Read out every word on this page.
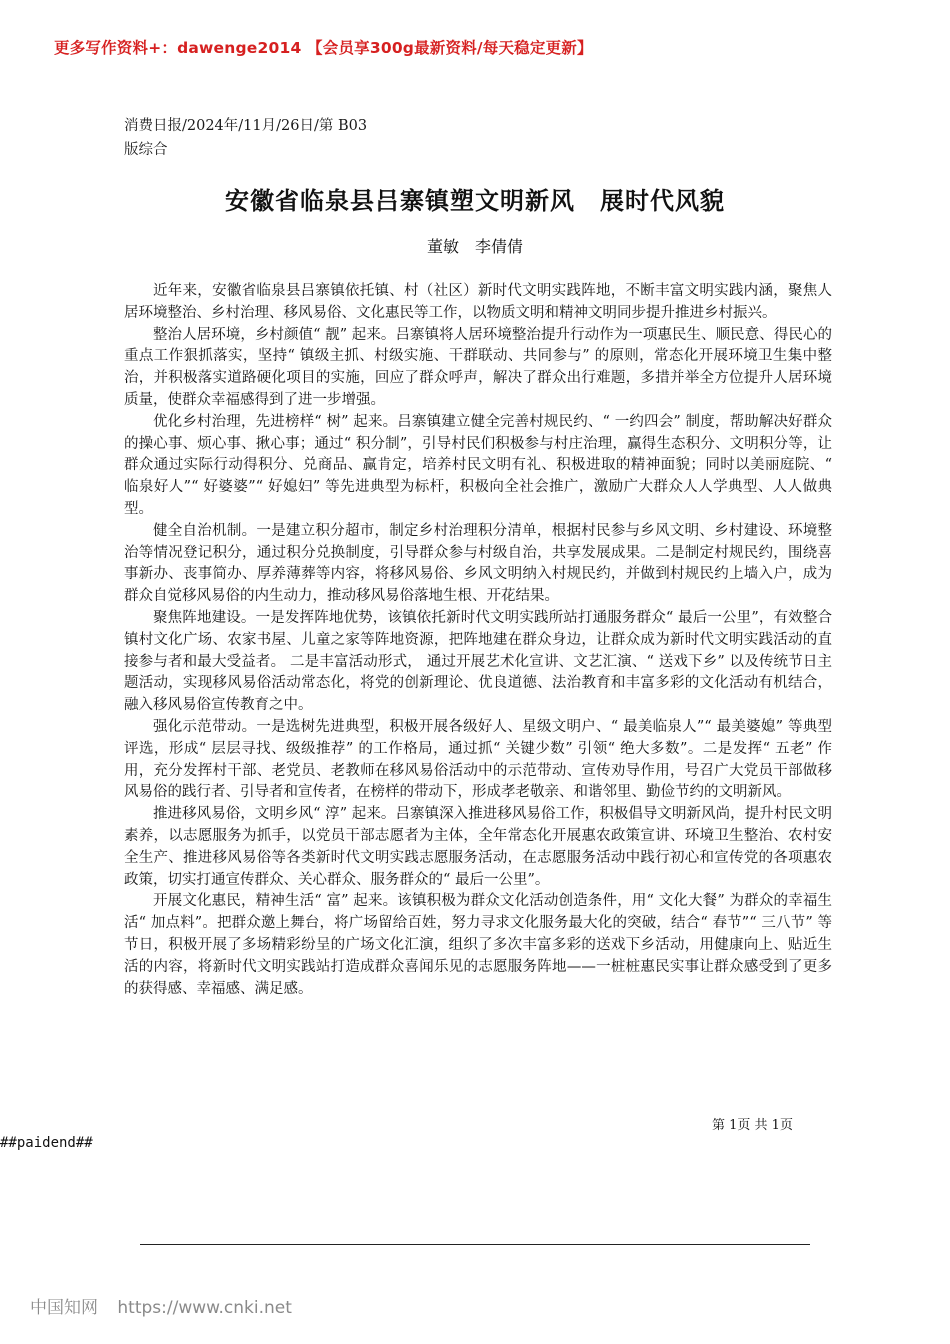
更多写作资料+：dawenge2014 【会员享300g最新资料/每天稳定更新】
消费日报/2024年/11月/26日/第 B03
版综合
安徽省临泉县吕寨镇塑文明新风　展时代风貌
董敏　李倩倩

近年来，安徽省临泉县吕寨镇依托镇、村（社区）新时代文明实践阵地，不断丰富文明实践内涵，聚焦人居环境整治、乡村治理、移风易俗、文化惠民等工作，以物质文明和精神文明同步提升推进乡村振兴。

整治人居环境，乡村颜值“ 靓” 起来。吕寨镇将人居环境整治提升行动作为一项惠民生、顺民意、得民心的重点工作狠抓落实，坚持“ 镇级主抓、村级实施、干群联动、共同参与” 的原则，常态化开展环境卫生集中整治，并积极落实道路硬化项目的实施，回应了群众呼声，解决了群众出行难题，多措并举全方位提升人居环境质量，使群众幸福感得到了进一步增强。

优化乡村治理，先进榜样“ 树” 起来。吕寨镇建立健全完善村规民约、“ 一约四会” 制度，帮助解决好群众的操心事、烦心事、揪心事；通过“ 积分制”，引导村民们积极参与村庄治理，赢得生态积分、文明积分等，让群众通过实际行动得积分、兑商品、赢肯定，培养村民文明有礼、积极进取的精神面貌；同时以美丽庭院、“ 临泉好人”“ 好婆婆”“ 好媳妇” 等先进典型为标杆，积极向全社会推广，激励广大群众人人学典型、人人做典型。

健全自治机制。一是建立积分超市，制定乡村治理积分清单，根据村民参与乡风文明、乡村建设、环境整治等情况登记积分，通过积分兑换制度，引导群众参与村级自治，共享发展成果。二是制定村规民约，围绕喜事新办、丧事简办、厚养薄葬等内容，将移风易俗、乡风文明纳入村规民约，并做到村规民约上墙入户，成为群众自觉移风易俗的内生动力，推动移风易俗落地生根、开花结果。

聚焦阵地建设。一是发挥阵地优势，该镇依托新时代文明实践所站打通服务群众“ 最后一公里”，有效整合镇村文化广场、农家书屋、儿童之家等阵地资源，把阵地建在群众身边，让群众成为新时代文明实践活动的直接参与者和最大受益者。 二是丰富活动形式， 通过开展艺术化宣讲、文艺汇演、“ 送戏下乡” 以及传统节日主题活动，实现移风易俗活动常态化，将党的创新理论、优良道德、法治教育和丰富多彩的文化活动有机结合，融入移风易俗宣传教育之中。

强化示范带动。一是选树先进典型，积极开展各级好人、星级文明户、“ 最美临泉人”“ 最美婆媳” 等典型评选，形成“ 层层寻找、级级推荐” 的工作格局，通过抓“ 关键少数” 引领“ 绝大多数”。二是发挥“ 五老” 作用，充分发挥村干部、老党员、老教师在移风易俗活动中的示范带动、宣传劝导作用，号召广大党员干部做移风易俗的践行者、引导者和宣传者，在榜样的带动下，形成孝老敬亲、和谐邻里、勤俭节约的文明新风。

推进移风易俗，文明乡风“ 淳” 起来。吕寨镇深入推进移风易俗工作，积极倡导文明新风尚，提升村民文明素养，以志愿服务为抓手，以党员干部志愿者为主体，全年常态化开展惠农政策宣讲、环境卫生整治、农村安全生产、推进移风易俗等各类新时代文明实践志愿服务活动，在志愿服务活动中践行初心和宣传党的各项惠农政策，切实打通宣传群众、关心群众、服务群众的“ 最后一公里”。

开展文化惠民，精神生活“ 富” 起来。该镇积极为群众文化活动创造条件，用“ 文化大餐” 为群众的幸福生活“ 加点料”。把群众邀上舞台，将广场留给百姓，努力寻求文化服务最大化的突破，结合“ 春节”“ 三八节” 等节日，积极开展了多场精彩纷呈的广场文化汇演，组织了多次丰富多彩的送戏下乡活动，用健康向上、贴近生活的内容，将新时代文明实践站打造成群众喜闻乐见的志愿服务阵地——一桩桩惠民实事让群众感受到了更多的获得感、幸福感、满足感。

第 1页 共 1页
##paidend##
中国知网 https://www.cnki.net
